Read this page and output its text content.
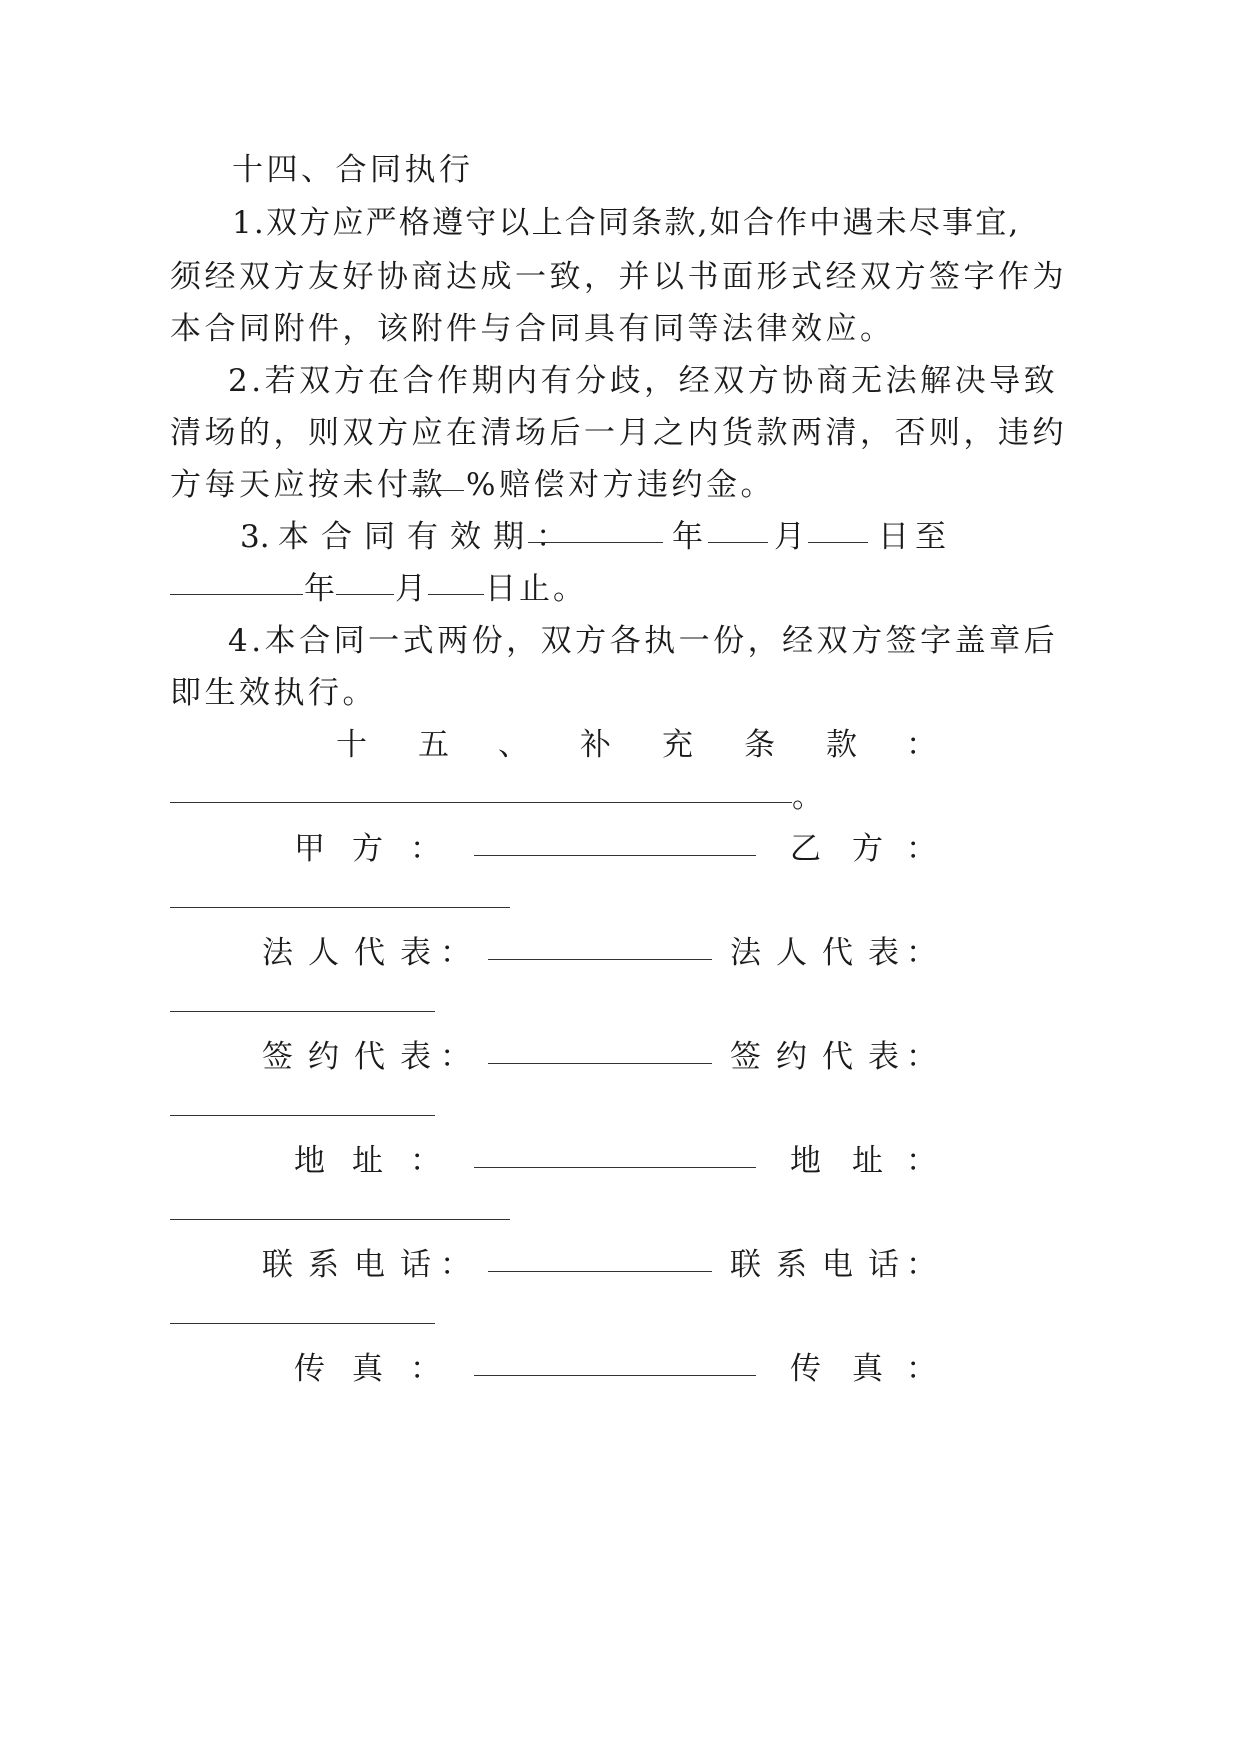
十四、合同执行
1.双方应严格遵守以上合同条款,如合作中遇未尽事宜,
须经双方友好协商达成一致，并以书面形式经双方签字作为
本合同附件，该附件与合同具有同等法律效应。
2.若双方在合作期内有分歧，经双方协商无法解决导致
清场的，则双方应在清场后一月之内货款两清，否则，违约
方每天应按未付款 %赔偿对方违约金。
3. 本合同有效期：	年 月 日至
年 月 日止。
4.本合同一式两份，双方各执一份，经双方签字盖章后
即生效执行。
十 五 、 补 充 条 款 ：
。
甲 方 ：	乙 方 ：
法 人 代 表 ：	法 人 代 表 ：
签 约 代 表 ：	签 约 代 表 ：
地 址 ：	地 址 ：
联 系 电 话 ：	联 系 电 话 ：
传 真 ：	传 真 ：
